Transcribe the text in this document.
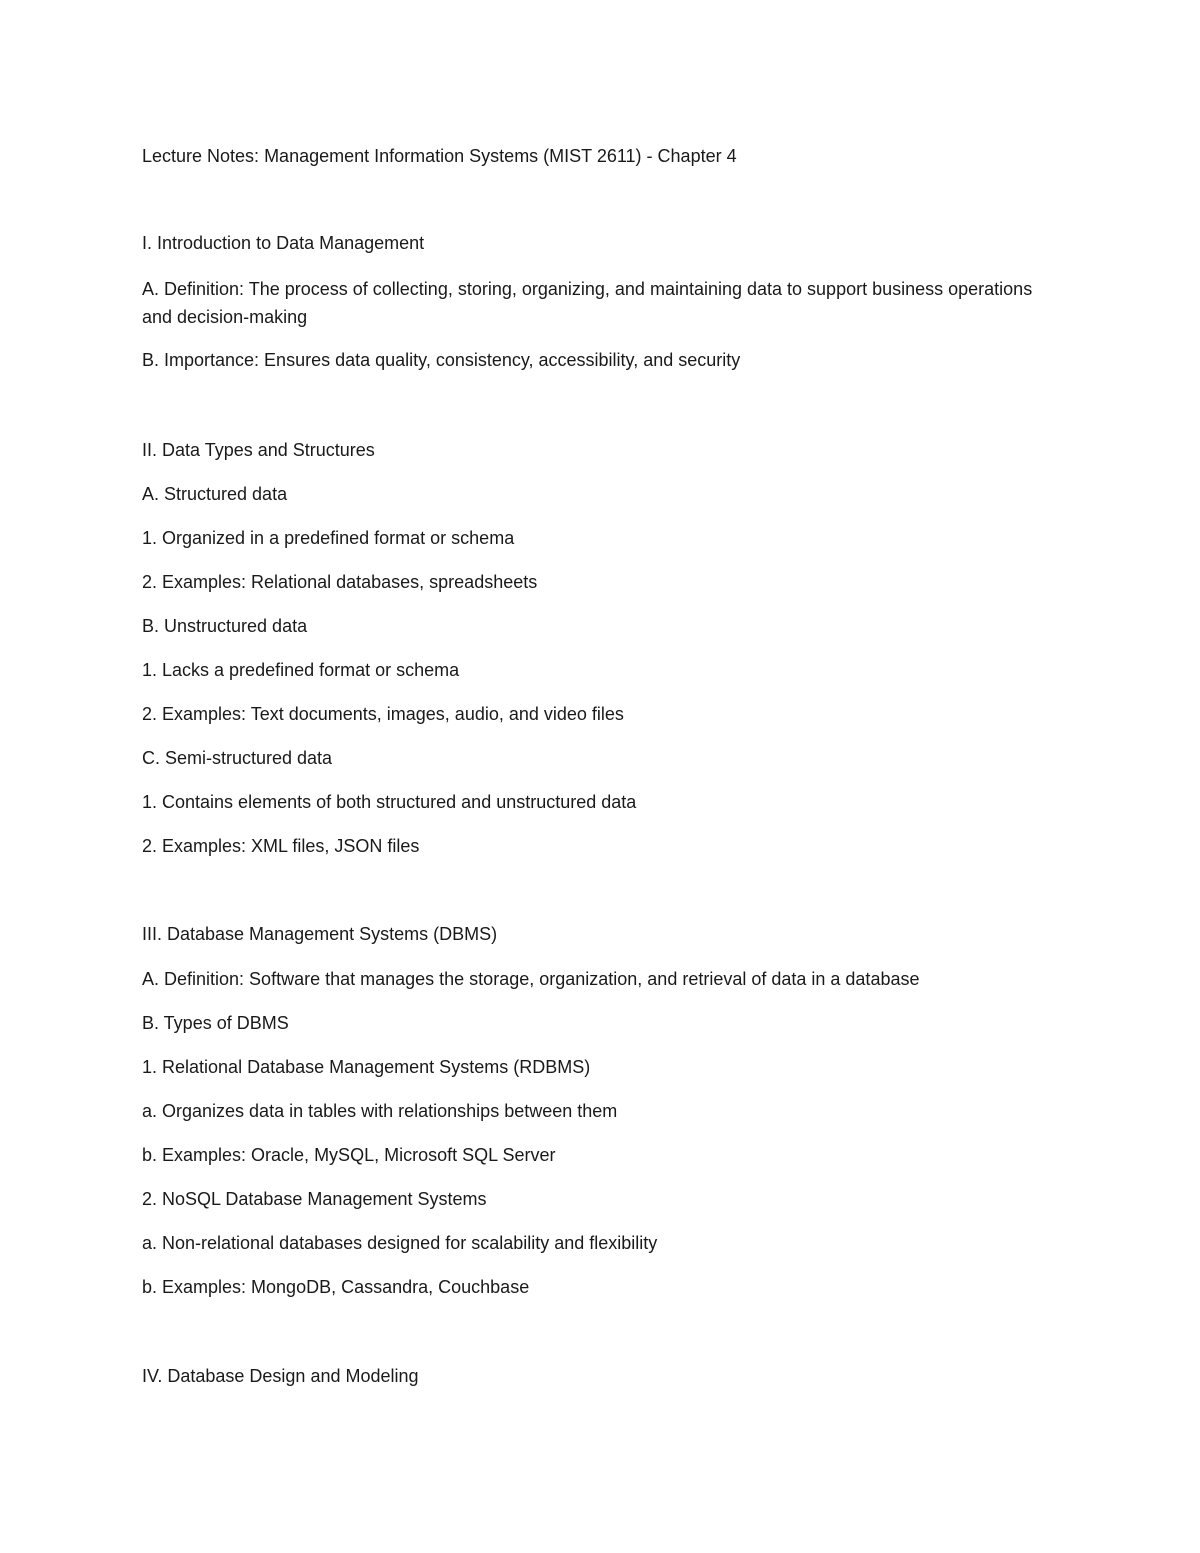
Lecture Notes: Management Information Systems (MIST 2611) - Chapter 4
I. Introduction to Data Management
A. Definition: The process of collecting, storing, organizing, and maintaining data to support business operations and decision-making
B. Importance: Ensures data quality, consistency, accessibility, and security
II. Data Types and Structures
A. Structured data
1. Organized in a predefined format or schema
2. Examples: Relational databases, spreadsheets
B. Unstructured data
1. Lacks a predefined format or schema
2. Examples: Text documents, images, audio, and video files
C. Semi-structured data
1. Contains elements of both structured and unstructured data
2. Examples: XML files, JSON files
III. Database Management Systems (DBMS)
A. Definition: Software that manages the storage, organization, and retrieval of data in a database
B. Types of DBMS
1. Relational Database Management Systems (RDBMS)
a. Organizes data in tables with relationships between them
b. Examples: Oracle, MySQL, Microsoft SQL Server
2. NoSQL Database Management Systems
a. Non-relational databases designed for scalability and flexibility
b. Examples: MongoDB, Cassandra, Couchbase
IV. Database Design and Modeling
